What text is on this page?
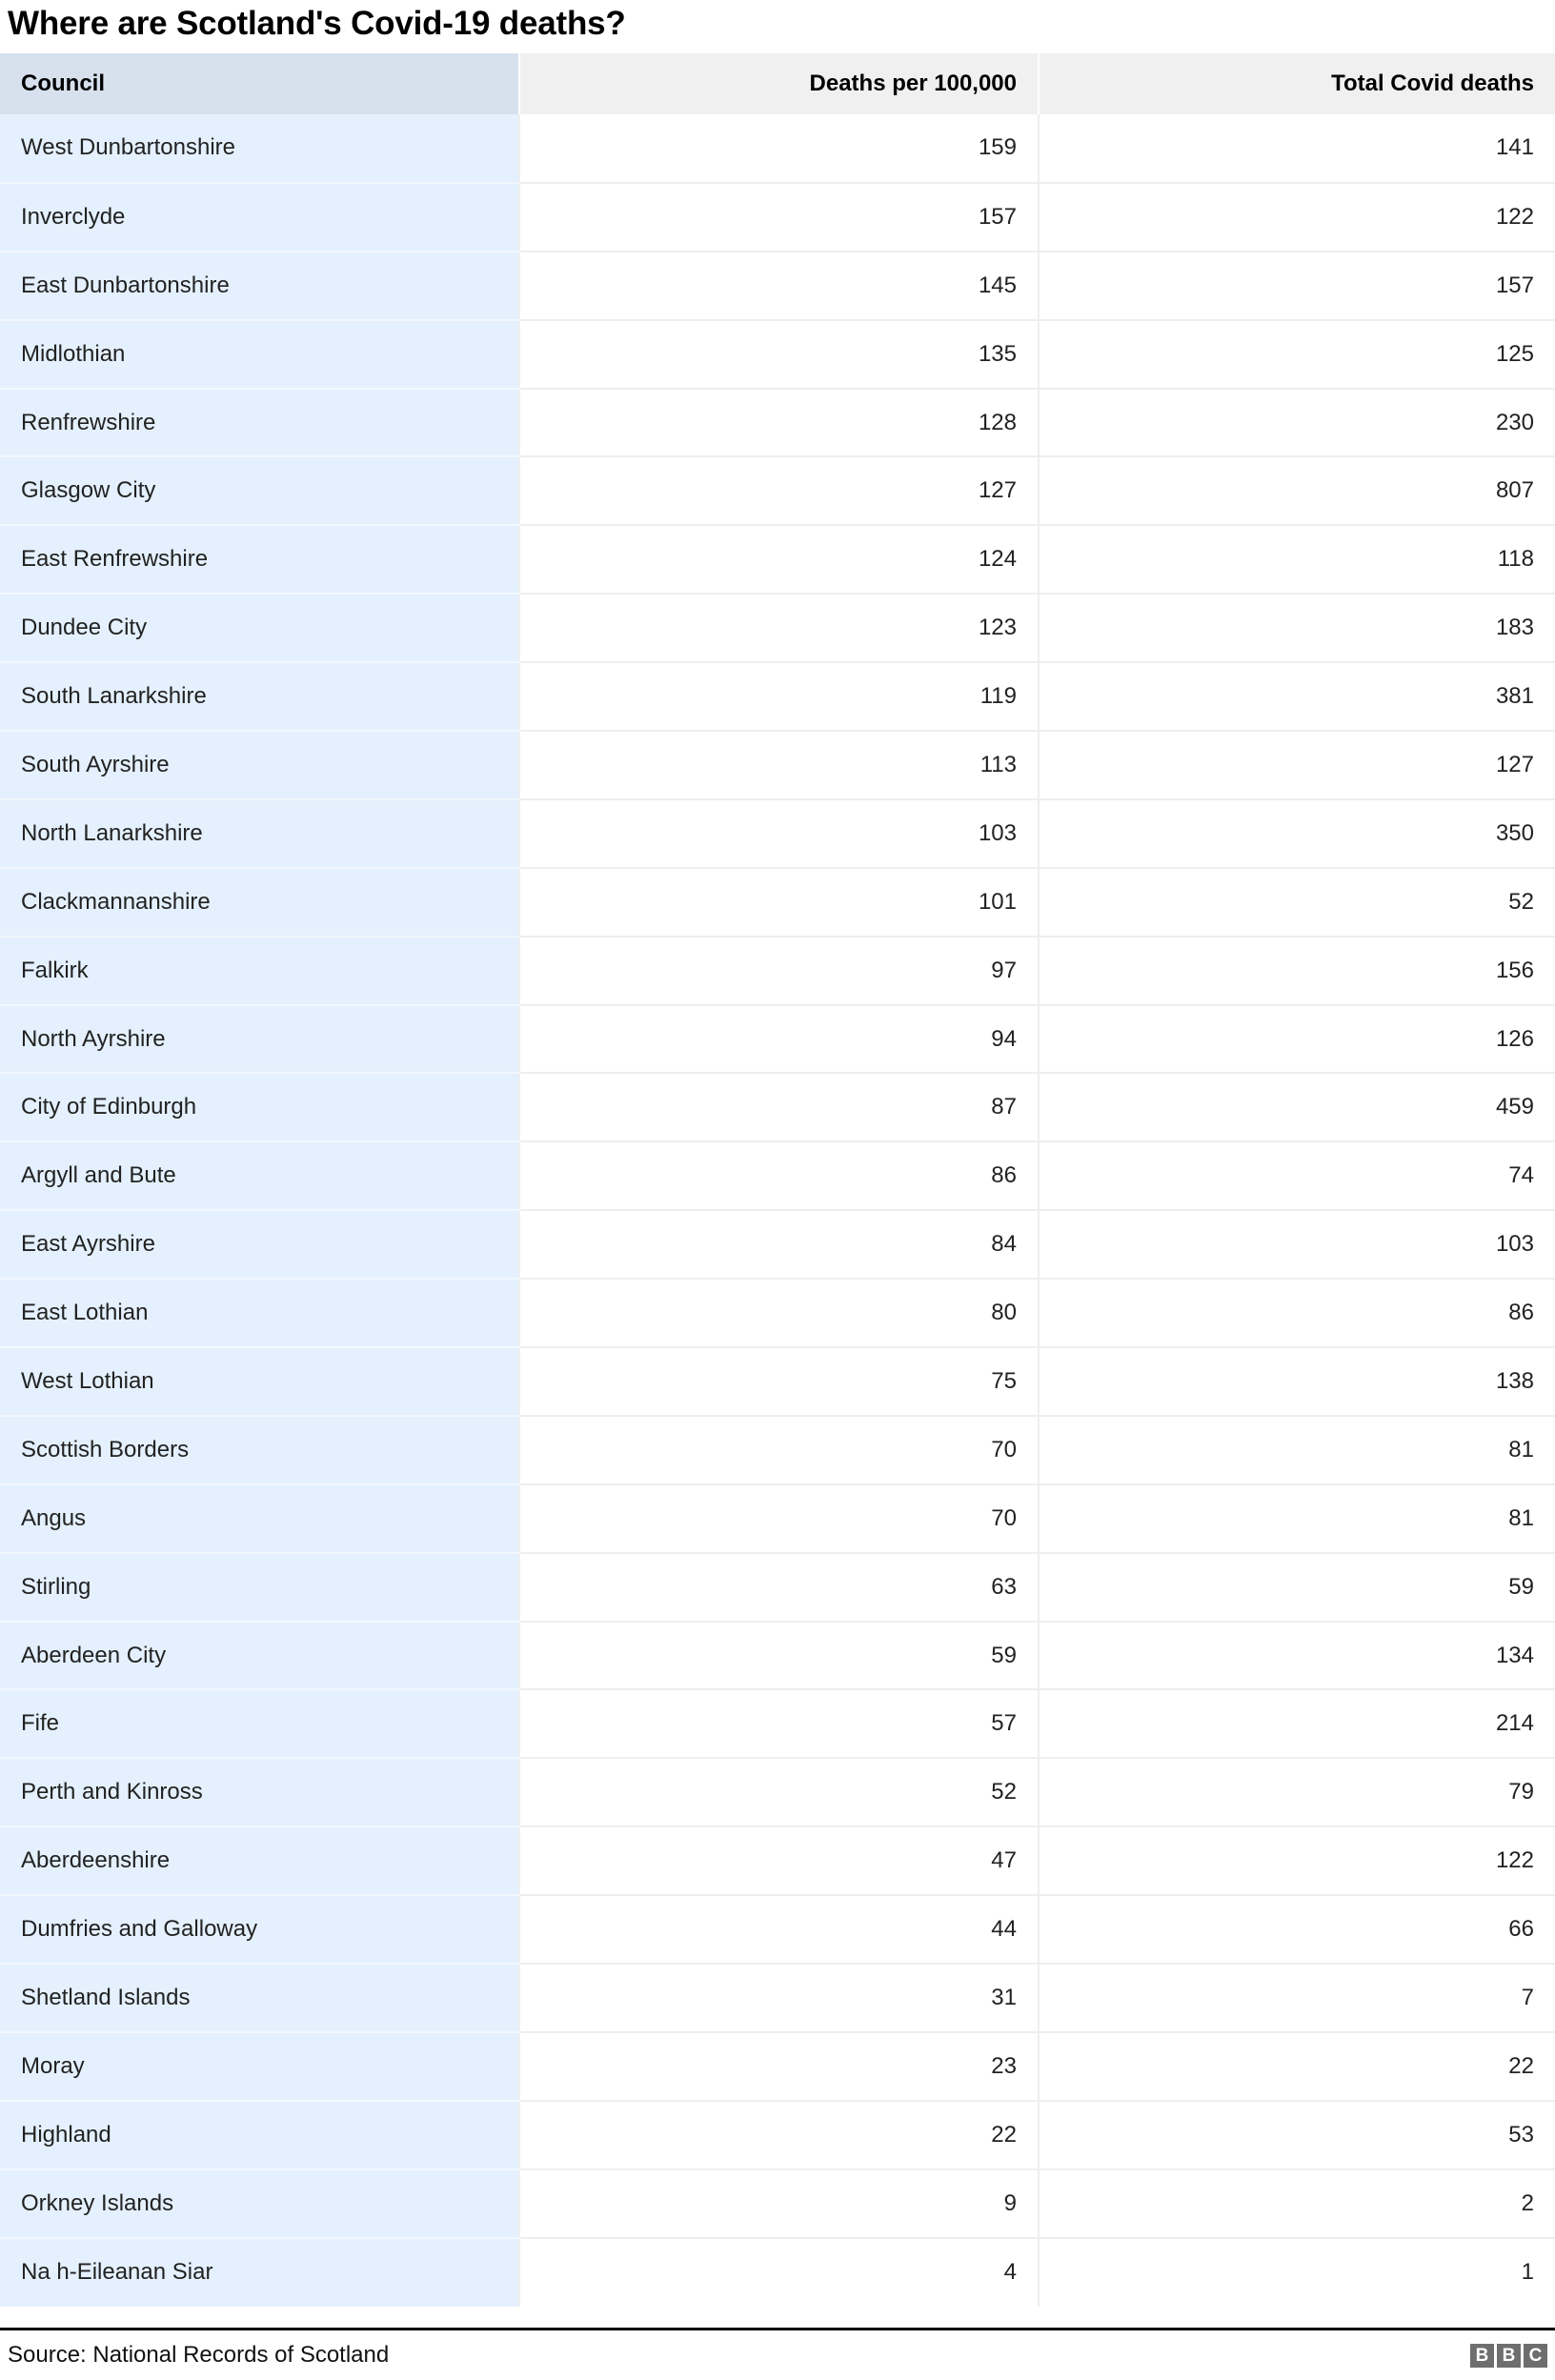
Where are Scotland's Covid-19 deaths?
Council	Deaths per 100,000	Total Covid deaths
West Dunbartonshire	159	141
Inverclyde	157	122
East Dunbartonshire	145	157
Midlothian	135	125
Renfrewshire	128	230
Glasgow City	127	807
East Renfrewshire	124	118
Dundee City	123	183
South Lanarkshire	119	381
South Ayrshire	113	127
North Lanarkshire	103	350
Clackmannanshire	101	52
Falkirk	97	156
North Ayrshire	94	126
City of Edinburgh	87	459
Argyll and Bute	86	74
East Ayrshire	84	103
East Lothian	80	86
West Lothian	75	138
Scottish Borders	70	81
Angus	70	81
Stirling	63	59
Aberdeen City	59	134
Fife	57	214
Perth and Kinross	52	79
Aberdeenshire	47	122
Dumfries and Galloway	44	66
Shetland Islands	31	7
Moray	23	22
Highland	22	53
Orkney Islands	9	2
Na h-Eileanan Siar	4	1
Source: National Records of Scotland	B B C
